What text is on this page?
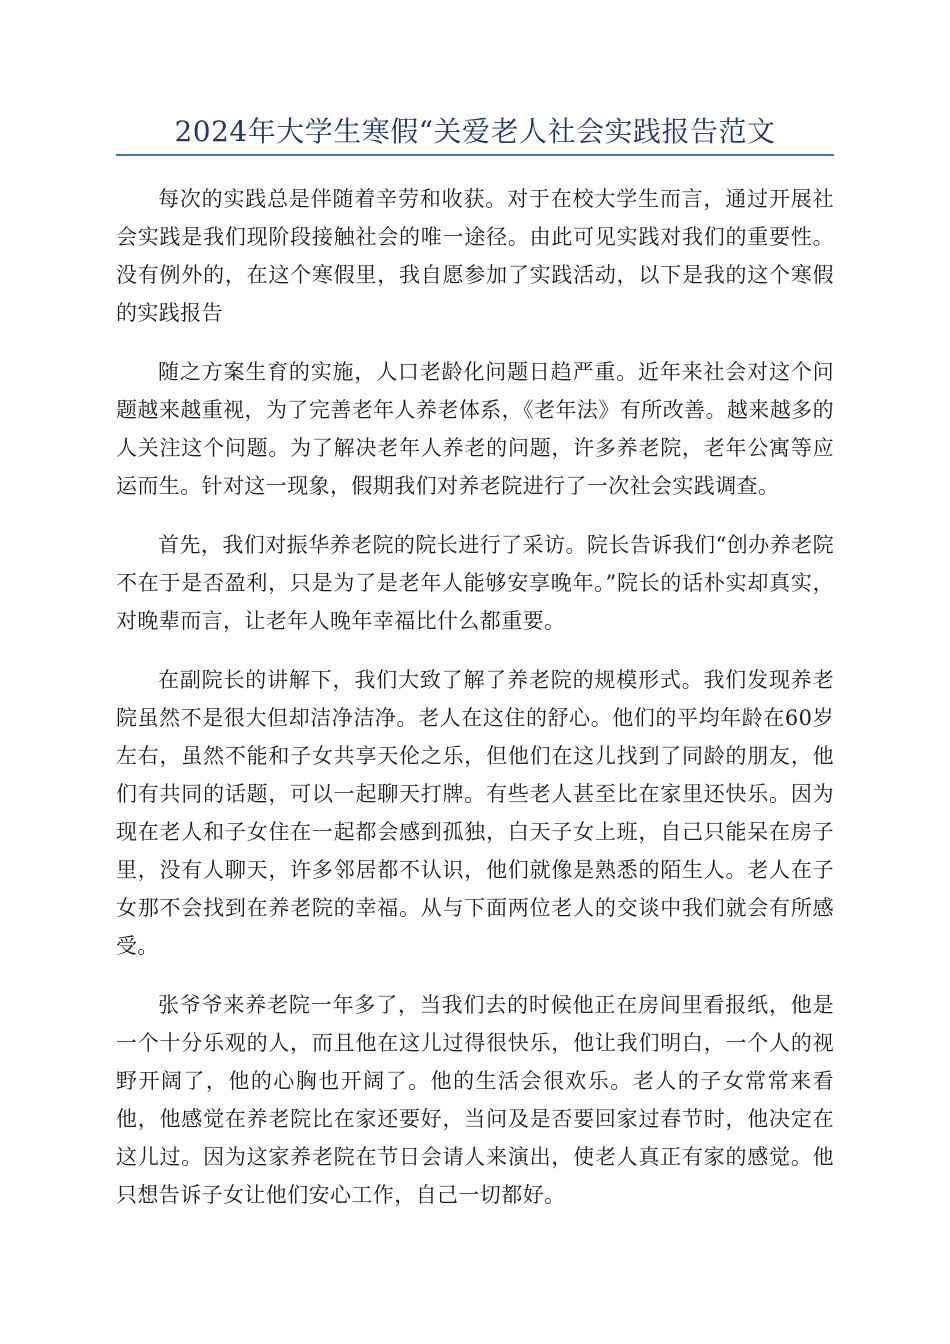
2024年大学生寒假“关爱老人社会实践报告范文

每次的实践总是伴随着辛劳和收获。对于在校大学生而言，通过开展社会实践是我们现阶段接触社会的唯一途径。由此可见实践对我们的重要性。没有例外的，在这个寒假里，我自愿参加了实践活动，以下是我的这个寒假的实践报告

随之方案生育的实施，人口老龄化问题日趋严重。近年来社会对这个问题越来越重视，为了完善老年人养老体系，《老年法》有所改善。越来越多的人关注这个问题。为了解决老年人养老的问题，许多养老院，老年公寓等应运而生。针对这一现象，假期我们对养老院进行了一次社会实践调查。

首先，我们对振华养老院的院长进行了采访。院长告诉我们“创办养老院不在于是否盈利，只是为了是老年人能够安享晚年。”院长的话朴实却真实，对晚辈而言，让老年人晚年幸福比什么都重要。

在副院长的讲解下，我们大致了解了养老院的规模形式。我们发现养老院虽然不是很大但却洁净洁净。老人在这住的舒心。他们的平均年龄在60岁左右，虽然不能和子女共享天伦之乐，但他们在这儿找到了同龄的朋友，他们有共同的话题，可以一起聊天打牌。有些老人甚至比在家里还快乐。因为现在老人和子女住在一起都会感到孤独，白天子女上班，自己只能呆在房子里，没有人聊天，许多邻居都不认识，他们就像是熟悉的陌生人。老人在子女那不会找到在养老院的幸福。从与下面两位老人的交谈中我们就会有所感受。

张爷爷来养老院一年多了，当我们去的时候他正在房间里看报纸，他是一个十分乐观的人，而且他在这儿过得很快乐，他让我们明白，一个人的视野开阔了，他的心胸也开阔了。他的生活会很欢乐。老人的子女常常来看他，他感觉在养老院比在家还要好，当问及是否要回家过春节时，他决定在这儿过。因为这家养老院在节日会请人来演出，使老人真正有家的感觉。他只想告诉子女让他们安心工作，自己一切都好。
